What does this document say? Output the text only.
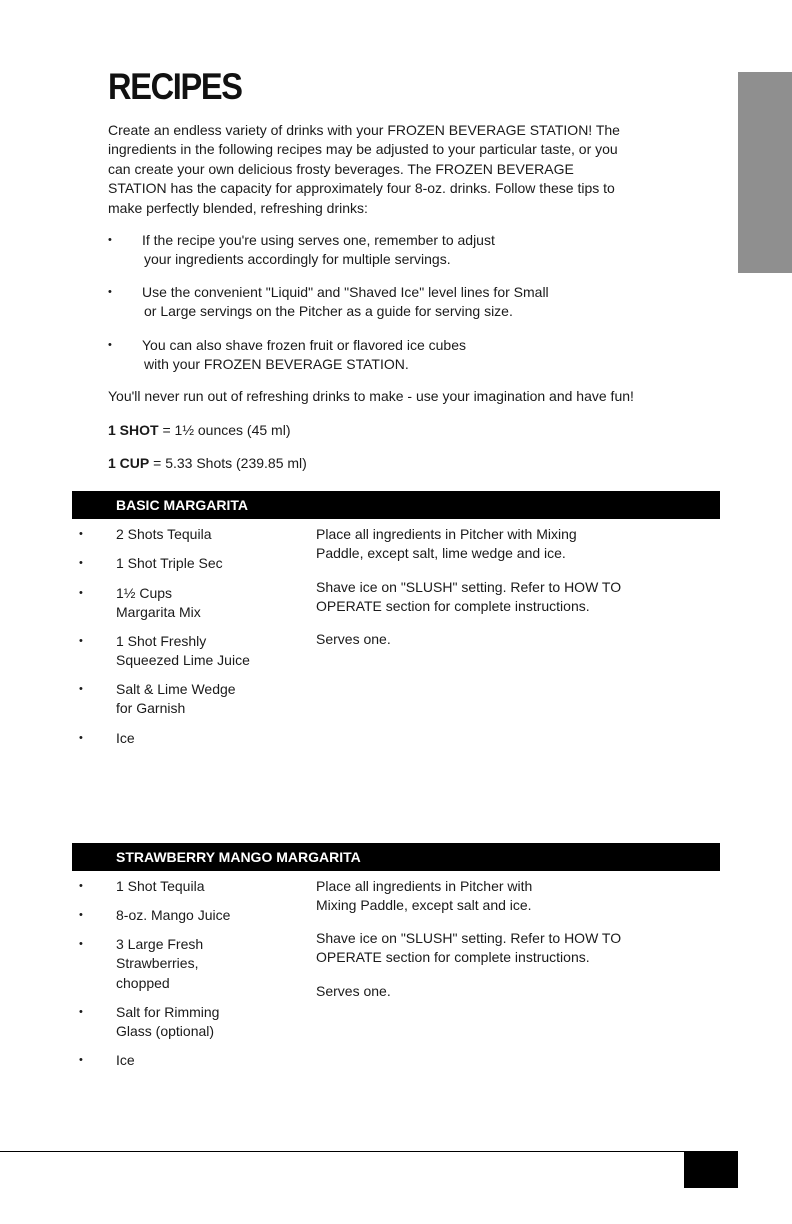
RECIPES

Create an endless variety of drinks with your FROZEN BEVERAGE STATION! The ingredients in the following recipes may be adjusted to your particular taste, or you can create your own delicious frosty beverages. The FROZEN BEVERAGE STATION has the capacity for approximately four 8-oz. drinks. Follow these tips to make perfectly blended, refreshing drinks:

• If the recipe you're using serves one, remember to adjust
your ingredients accordingly for multiple servings.
• Use the convenient "Liquid" and "Shaved Ice" level lines for Small
or Large servings on the Pitcher as a guide for serving size.
• You can also shave frozen fruit or flavored ice cubes
with your FROZEN BEVERAGE STATION.
You'll never run out of refreshing drinks to make - use your imagination and have fun!
1 SHOT = 1½ ounces (45 ml)
1 CUP = 5.33 Shots (239.85 ml)
BASIC MARGARITA
• 2 Shots Tequila
• 1 Shot Triple Sec
• 1½ Cups
Margarita Mix
• 1 Shot Freshly
Squeezed Lime Juice
• Salt & Lime Wedge
for Garnish
• Ice
Place all ingredients in Pitcher with Mixing
Paddle, except salt, lime wedge and ice.
Shave ice on "SLUSH" setting. Refer to HOW TO
OPERATE section for complete instructions.
Serves one.
STRAWBERRY MANGO MARGARITA
• 1 Shot Tequila
• 8-oz. Mango Juice
• 3 Large Fresh
Strawberries,
chopped
• Salt for Rimming
Glass (optional)
• Ice
Place all ingredients in Pitcher with
Mixing Paddle, except salt and ice.
Shave ice on "SLUSH" setting. Refer to HOW TO
OPERATE section for complete instructions.
Serves one.
